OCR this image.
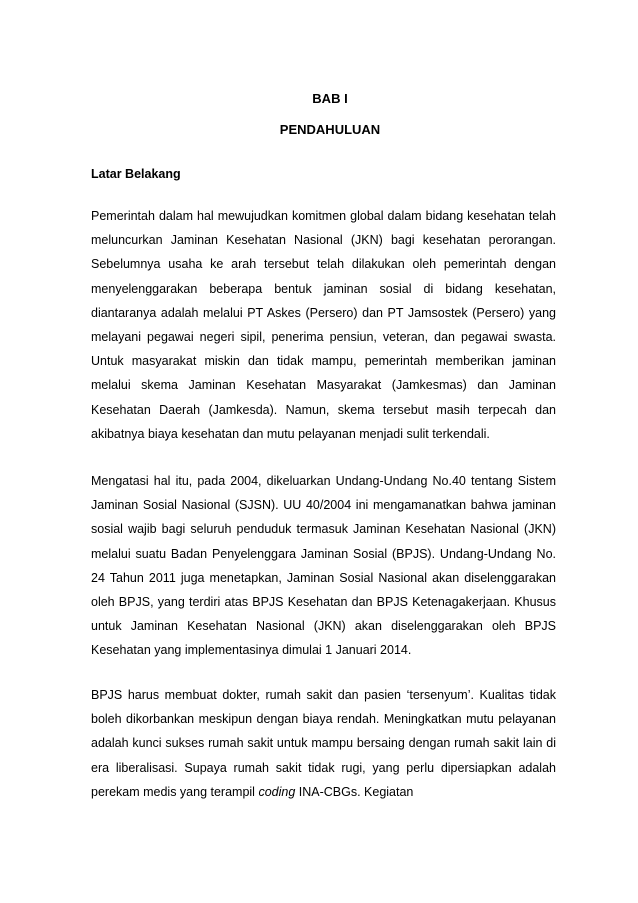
BAB I
PENDAHULUAN
Latar Belakang

Pemerintah dalam hal mewujudkan komitmen global dalam bidang kesehatan telah meluncurkan Jaminan Kesehatan Nasional (JKN) bagi kesehatan perorangan. Sebelumnya usaha ke arah tersebut telah dilakukan oleh pemerintah dengan menyelenggarakan beberapa bentuk jaminan sosial di bidang kesehatan, diantaranya adalah melalui PT Askes (Persero) dan PT Jamsostek (Persero) yang melayani pegawai negeri sipil, penerima pensiun, veteran, dan pegawai swasta. Untuk masyarakat miskin dan tidak mampu, pemerintah memberikan jaminan melalui skema Jaminan Kesehatan Masyarakat (Jamkesmas) dan Jaminan Kesehatan Daerah (Jamkesda). Namun, skema tersebut masih terpecah dan akibatnya biaya kesehatan dan mutu pelayanan menjadi sulit terkendali.

Mengatasi hal itu, pada 2004, dikeluarkan Undang-Undang No.40 tentang Sistem Jaminan Sosial Nasional (SJSN). UU 40/2004 ini mengamanatkan bahwa jaminan sosial wajib bagi seluruh penduduk termasuk Jaminan Kesehatan Nasional (JKN) melalui suatu Badan Penyelenggara Jaminan Sosial (BPJS). Undang-Undang No. 24 Tahun 2011 juga menetapkan, Jaminan Sosial Nasional akan diselenggarakan oleh BPJS, yang terdiri atas BPJS Kesehatan dan BPJS Ketenagakerjaan. Khusus untuk Jaminan Kesehatan Nasional (JKN) akan diselenggarakan oleh BPJS Kesehatan yang implementasinya dimulai 1 Januari 2014.

BPJS harus membuat dokter, rumah sakit dan pasien ‘tersenyum’. Kualitas tidak boleh dikorbankan meskipun dengan biaya rendah. Meningkatkan mutu pelayanan adalah kunci sukses rumah sakit untuk mampu bersaing dengan rumah sakit lain di era liberalisasi. Supaya rumah sakit tidak rugi, yang perlu dipersiapkan adalah perekam medis yang terampil coding INA-CBGs. Kegiatan
